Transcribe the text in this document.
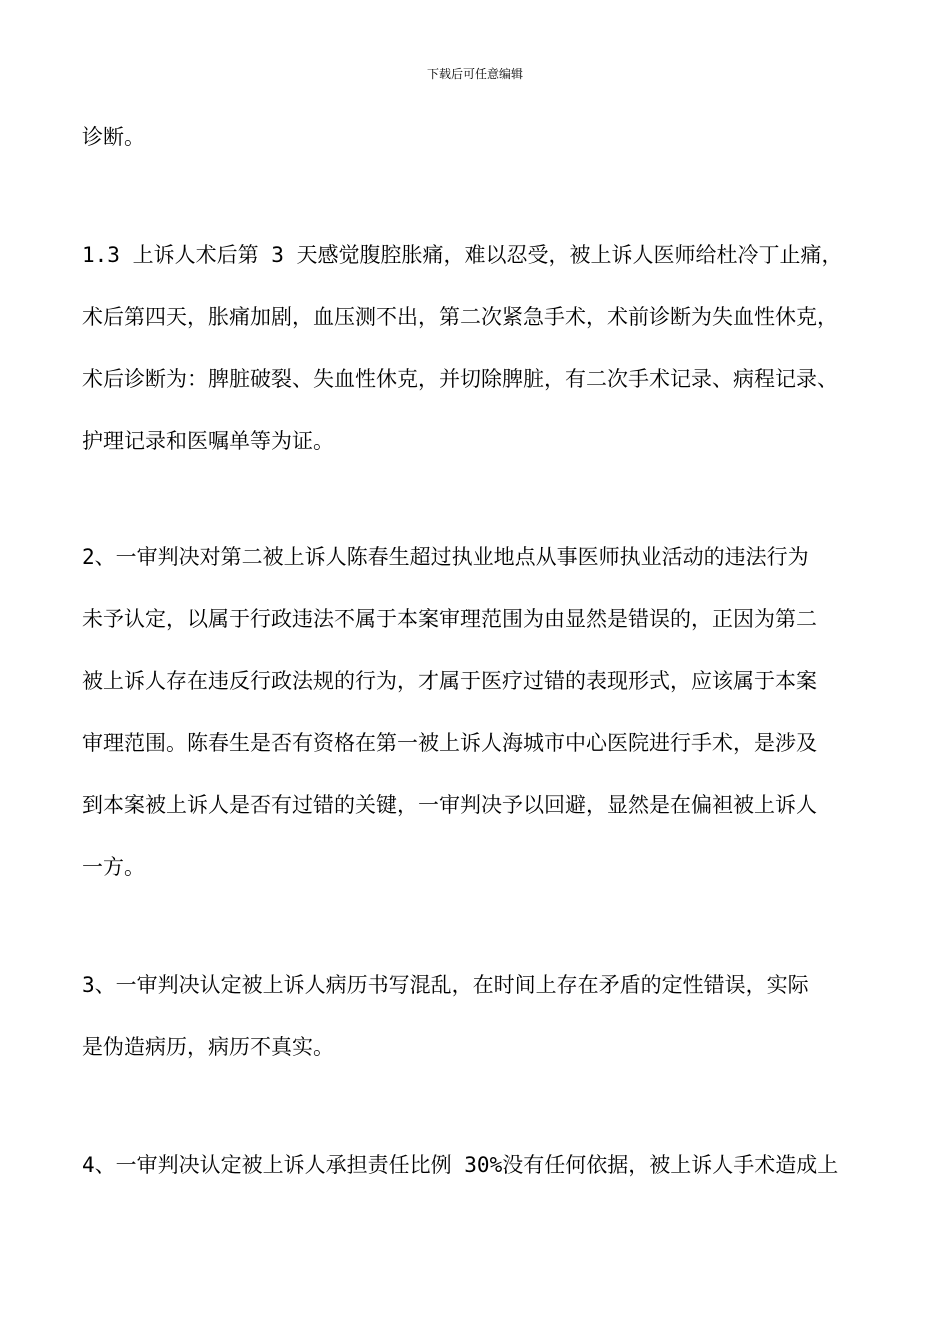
下载后可任意编辑
诊断。
1.3 上诉人术后第 3 天感觉腹腔胀痛，难以忍受，被上诉人医师给杜冷丁止痛，
术后第四天，胀痛加剧，血压测不出，第二次紧急手术，术前诊断为失血性休克，
术后诊断为：脾脏破裂、失血性休克，并切除脾脏，有二次手术记录、病程记录、
护理记录和医嘱单等为证。
2、一审判决对第二被上诉人陈春生超过执业地点从事医师执业活动的违法行为
未予认定，以属于行政违法不属于本案审理范围为由显然是错误的，正因为第二
被上诉人存在违反行政法规的行为，才属于医疗过错的表现形式，应该属于本案
审理范围。陈春生是否有资格在第一被上诉人海城市中心医院进行手术，是涉及
到本案被上诉人是否有过错的关键，一审判决予以回避，显然是在偏袒被上诉人
一方。
3、一审判决认定被上诉人病历书写混乱，在时间上存在矛盾的定性错误，实际
是伪造病历，病历不真实。
4、一审判决认定被上诉人承担责任比例 30%没有任何依据，被上诉人手术造成上
